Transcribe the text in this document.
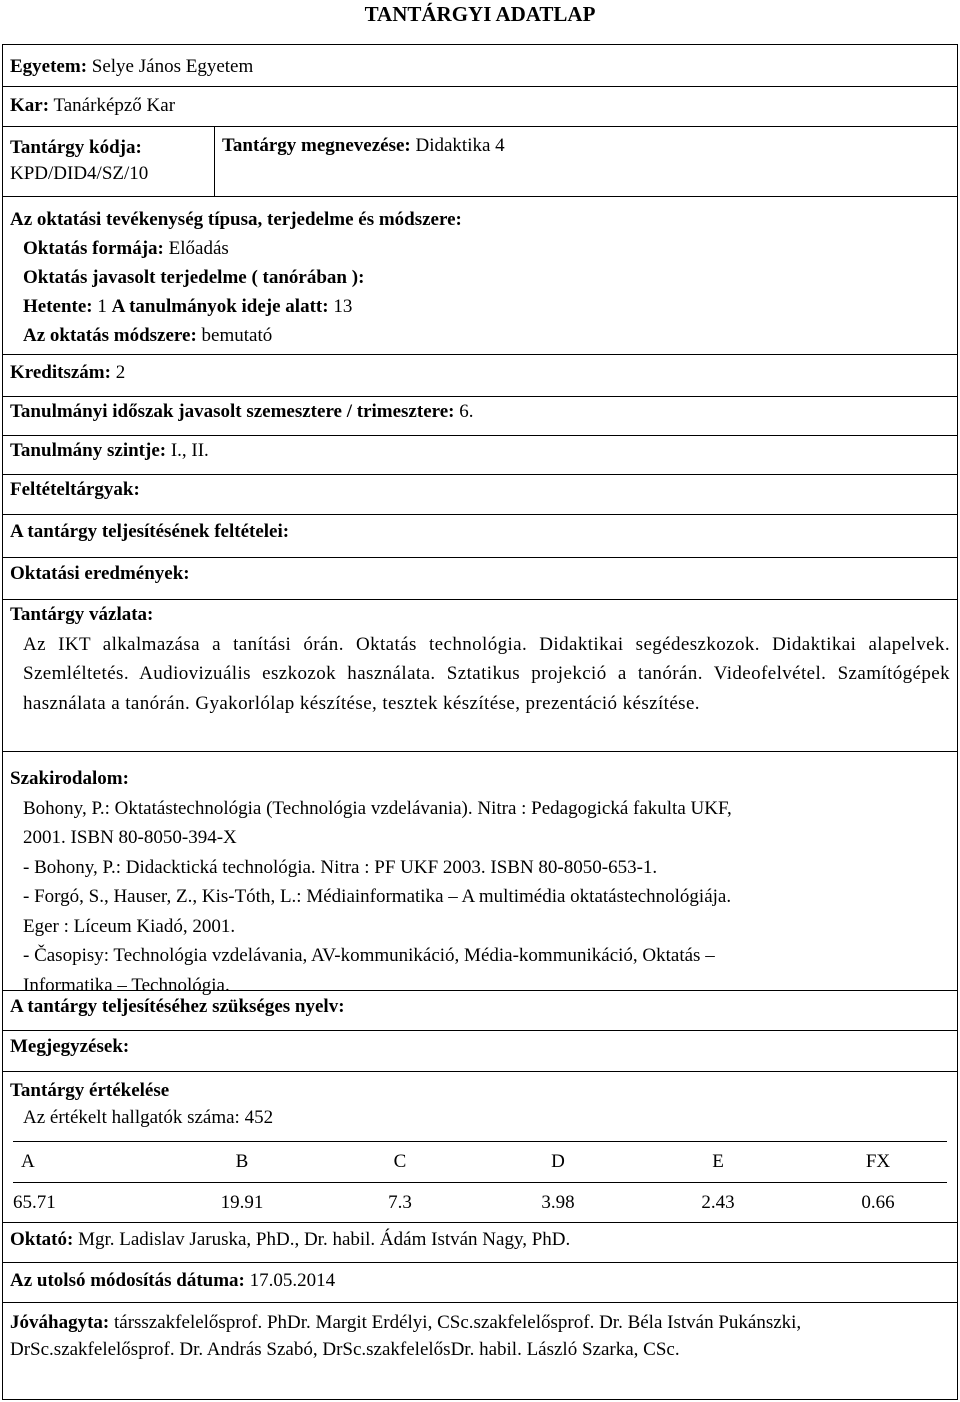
TANTÁRGYI ADATLAP
Egyetem: Selye János Egyetem
Kar: Tanárképző Kar
Tantárgy kódja:
KPD/DID4/SZ/10
Tantárgy megnevezése: Didaktika 4
Az oktatási tevékenység típusa, terjedelme és módszere:
Oktatás formája: Előadás
Oktatás javasolt terjedelme ( tanórában ):
Hetente: 1 A tanulmányok ideje alatt: 13
Az oktatás módszere: bemutató
Kreditszám: 2
Tanulmányi időszak javasolt szemesztere / trimesztere: 6.
Tanulmány szintje: I., II.
Feltételtárgyak:
A tantárgy teljesítésének feltételei:
Oktatási eredmények:
Tantárgy vázlata:
Az IKT alkalmazása a tanítási órán. Oktatás technológia. Didaktikai segédeszkozok. Didaktikai alapelvek. Szemléltetés. Audiovizuális eszkozok használata. Sztatikus projekció a tanórán. Videofelvétel. Szamítógépek használata a tanórán. Gyakorlólap készítése, tesztek készítése, prezentáció készítése.
Szakirodalom:
Bohony, P.: Oktatástechnológia (Technológia vzdelávania). Nitra : Pedagogická fakulta UKF,
2001. ISBN 80-8050-394-X
- Bohony, P.: Didacktická technológia. Nitra : PF UKF 2003. ISBN 80-8050-653-1.
- Forgó, S., Hauser, Z., Kis-Tóth, L.: Médiainformatika – A multimédia oktatástechnológiája.
Eger : Líceum Kiadó, 2001.
- Časopisy: Technológia vzdelávania, AV-kommunikáció, Média-kommunikáció, Oktatás –
Informatika – Technológia.
A tantárgy teljesítéséhez szükséges nyelv:
Megjegyzések:
Tantárgy értékelése
Az értékelt hallgatók száma: 452
A	B	C	D	E	FX
65.71	19.91	7.3	3.98	2.43	0.66
Oktató: Mgr. Ladislav Jaruska, PhD., Dr. habil. Ádám István Nagy, PhD.
Az utolsó módosítás dátuma: 17.05.2014
Jóváhagyta: társszakfelelősprof. PhDr. Margit Erdélyi, CSc.szakfelelősprof. Dr. Béla István Pukánszki, DrSc.szakfelelősprof. Dr. András Szabó, DrSc.szakfelelősDr. habil. László Szarka, CSc.
